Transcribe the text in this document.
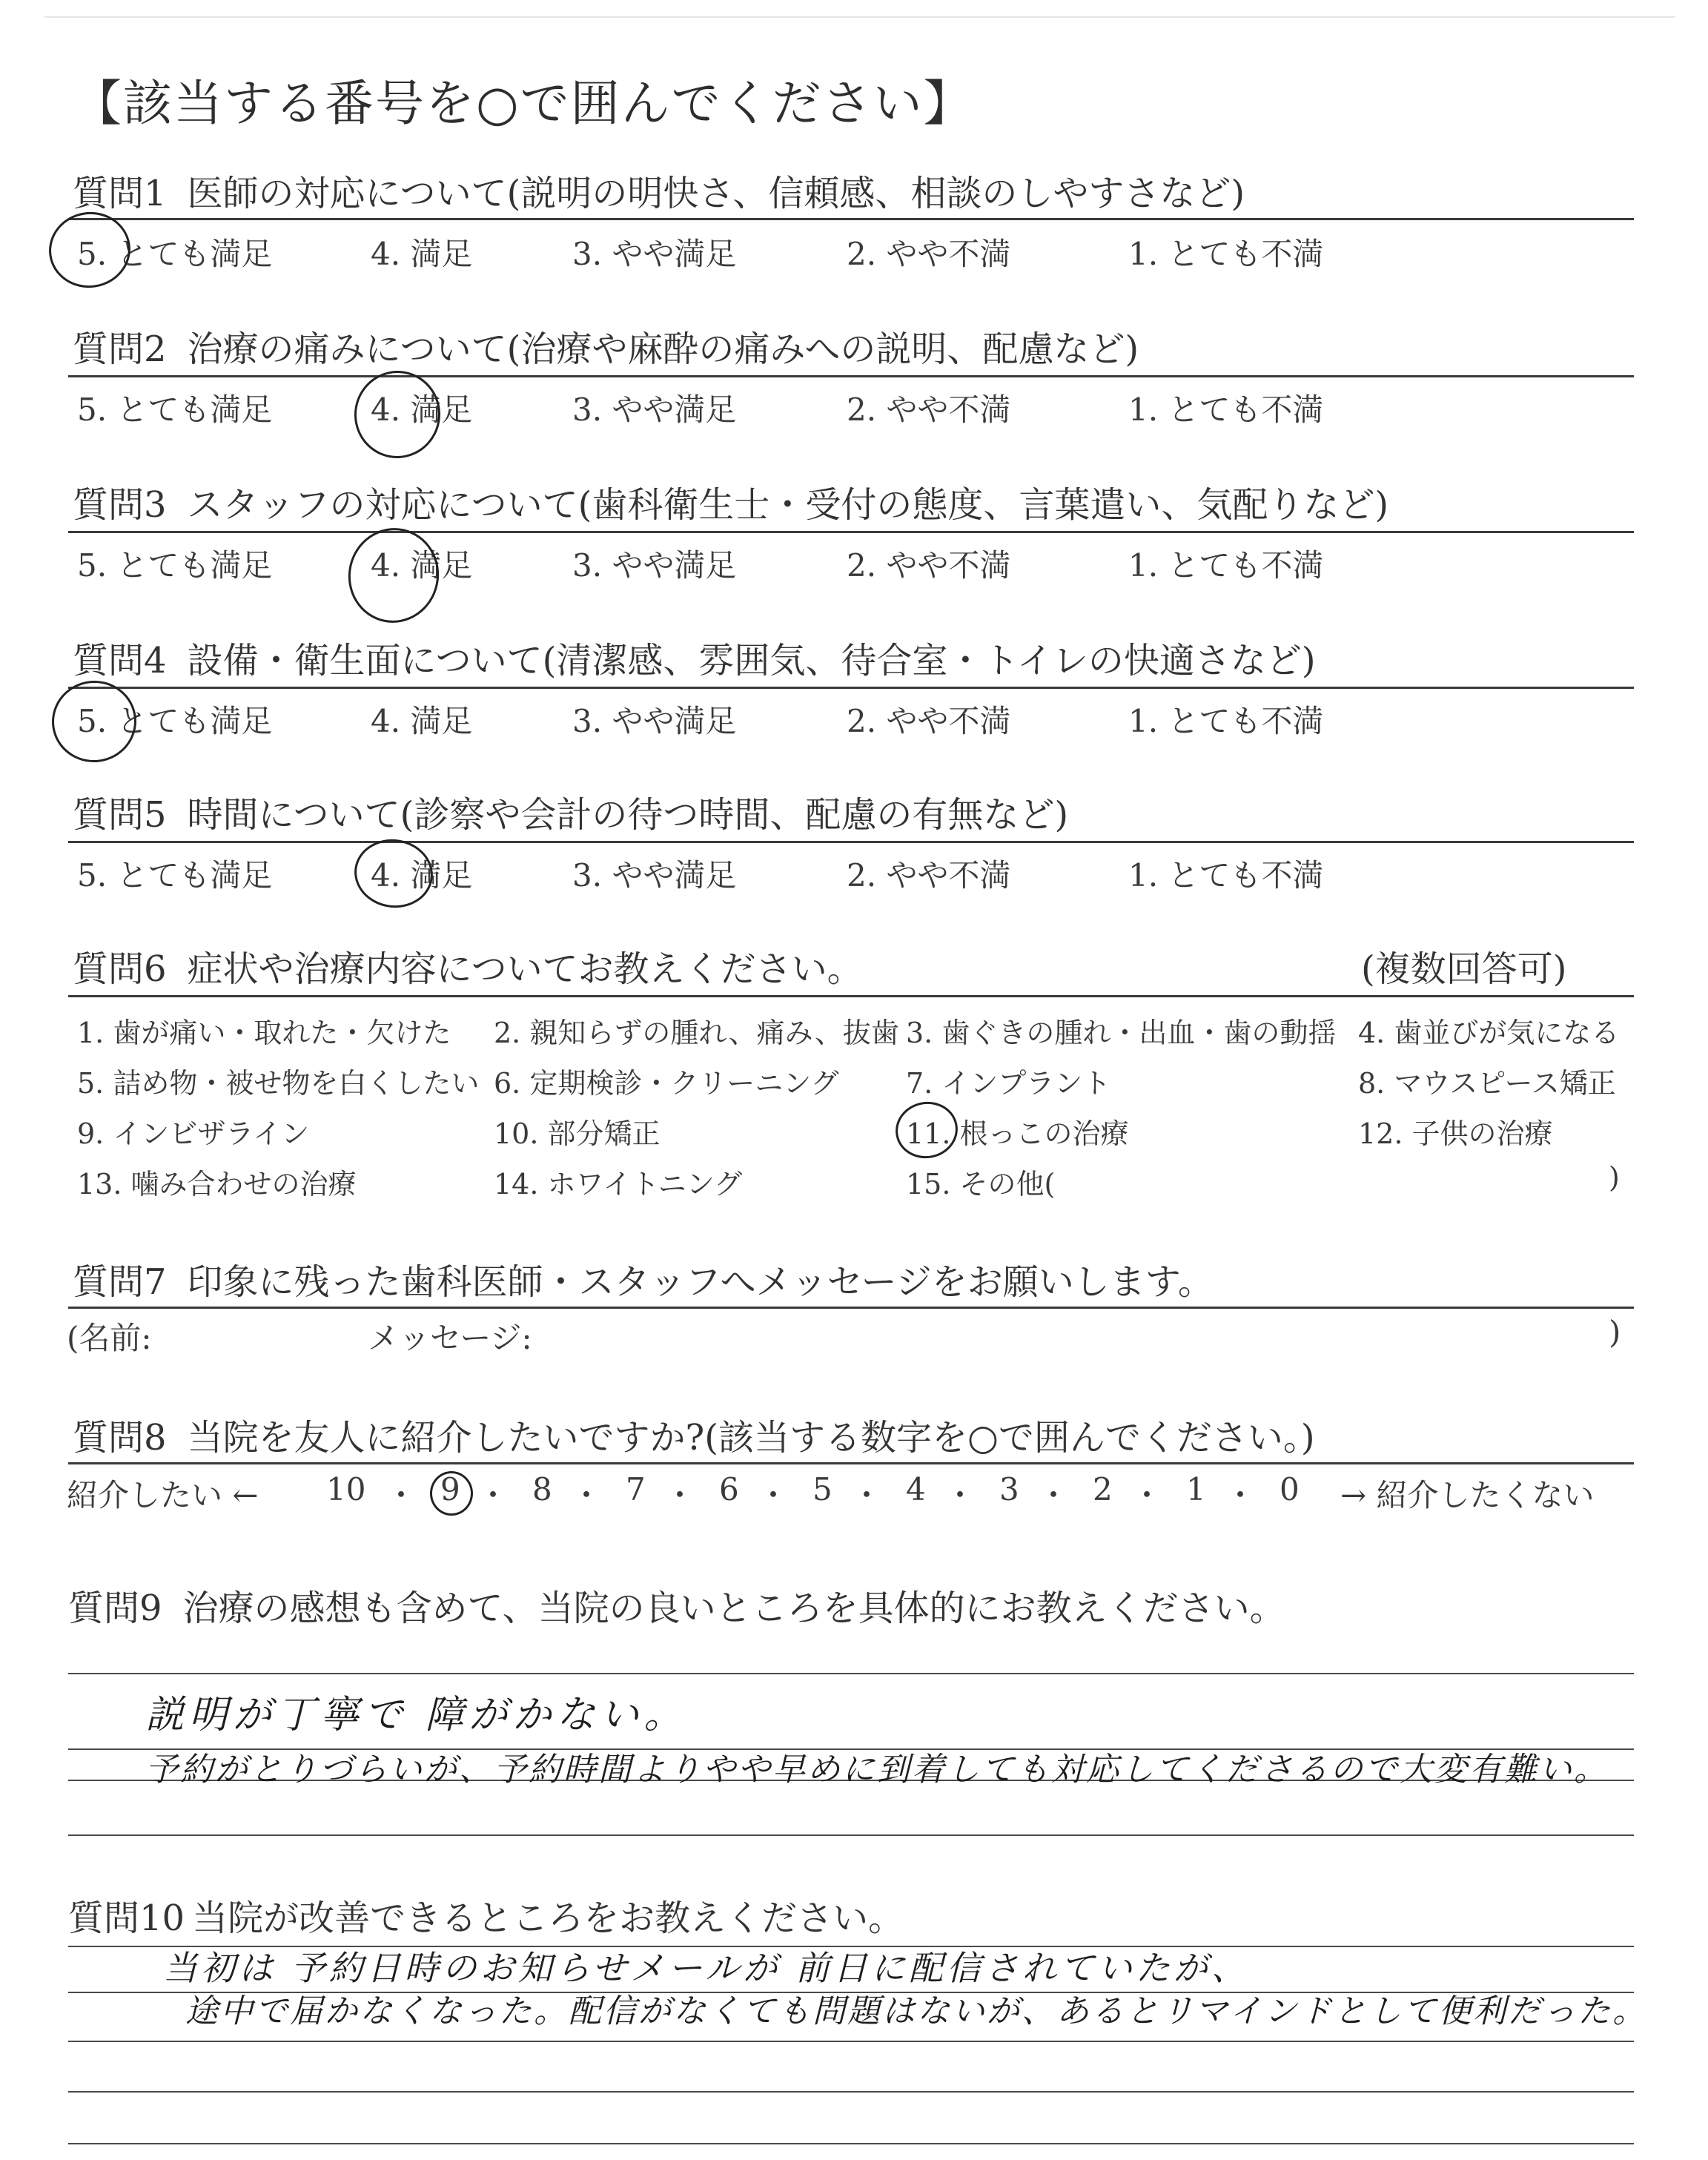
【該当する番号を○で囲んでください】
質問1 医師の対応について(説明の明快さ、信頼感、相談のしやすさなど)
5. とても満足	4. 満足	3. やや満足	2. やや不満	1. とても不満
質問2 治療の痛みについて(治療や麻酔の痛みへの説明、配慮など)
5. とても満足	4. 満足	3. やや満足	2. やや不満	1. とても不満
質問3 スタッフの対応について(歯科衛生士・受付の態度、言葉遣い、気配りなど)
5. とても満足	4. 満足	3. やや満足	2. やや不満	1. とても不満
質問4 設備・衛生面について(清潔感、雰囲気、待合室・トイレの快適さなど)
5. とても満足	4. 満足	3. やや満足	2. やや不満	1. とても不満
質問5 時間について(診察や会計の待つ時間、配慮の有無など)
5. とても満足	4. 満足	3. やや満足	2. やや不満	1. とても不満
質問6 症状や治療内容についてお教えください。	(複数回答可)
1. 歯が痛い・取れた・欠けた 2. 親知らずの腫れ、痛み、抜歯 3. 歯ぐきの腫れ・出血・歯の動揺 4. 歯並びが気になる
5. 詰め物・被せ物を白くしたい 6. 定期検診・クリーニング 7. インプラント	8. マウスピース矯正
9. インビザライン	10. 部分矯正	11. 根っこの治療	12. 子供の治療
13. 噛み合わせの治療	14. ホワイトニング	15. その他(	)
質問7 印象に残った歯科医師・スタッフへメッセージをお願いします。
(名前:	メッセージ:	)
質問8 当院を友人に紹介したいですか?(該当する数字を○で囲んでください。)
紹介したい ←	→ 紹介したくない
10 ・ 9 ・ 8 ・ 7 ・ 6 ・ 5 ・ 4 ・ 3 ・ 2 ・ 1 ・ 0
質問9 治療の感想も含めて、当院の良いところを具体的にお教えください。
説明が丁寧で 障がかない。
予約がとりづらいが、予約時間よりやや早めに到着しても対応してくださるので大変有難い。
質問10 当院が改善できるところをお教えください。
当初は 予約日時のお知らせメールが 前日に配信されていたが、
途中で届かなくなった。配信がなくても問題はないが、あるとリマインドとして便利だった。
